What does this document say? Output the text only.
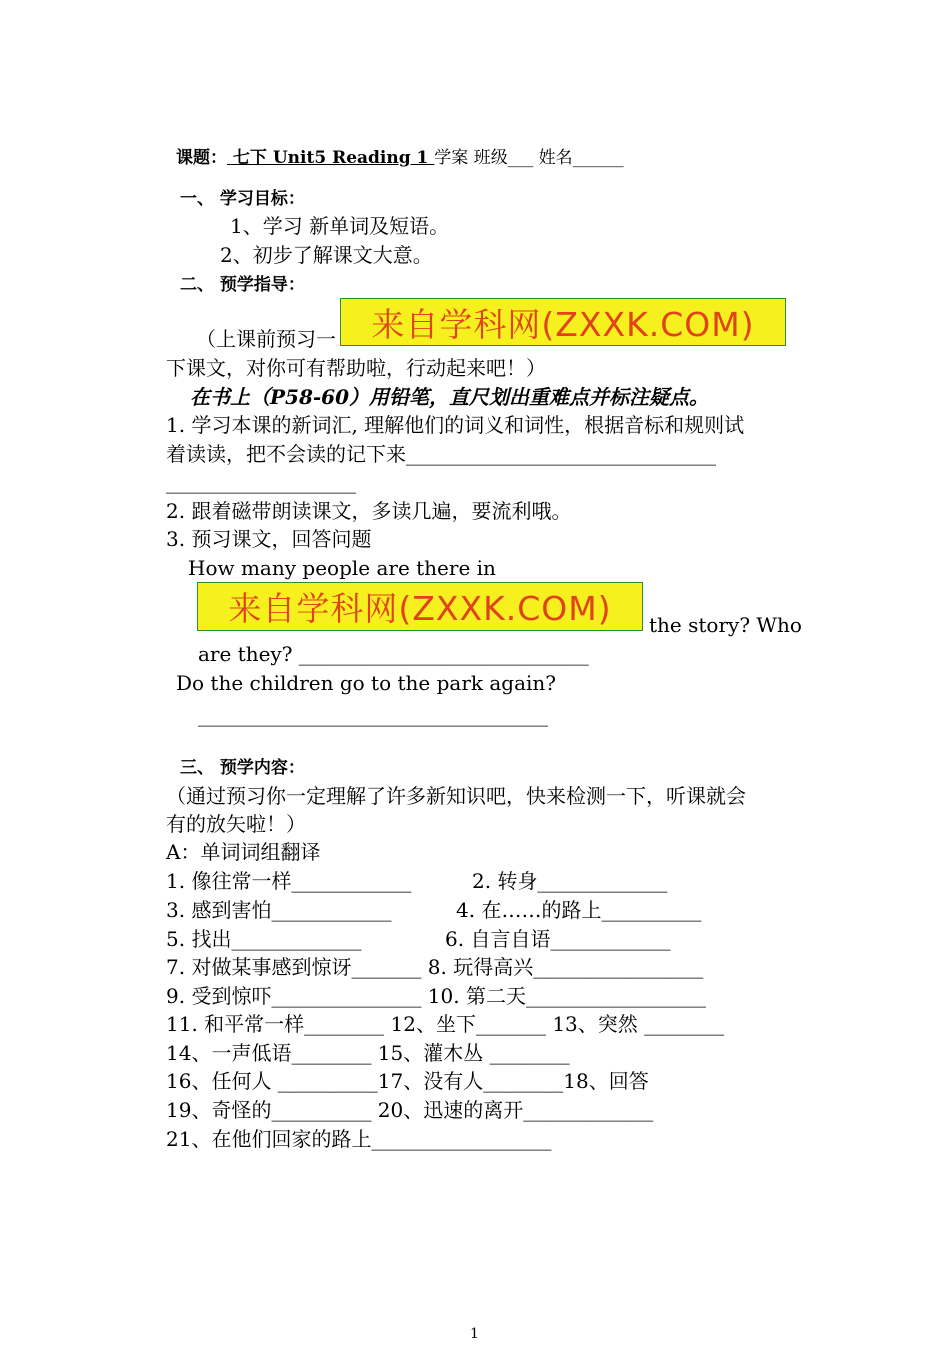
课题： 七下 Unit5 Reading 1 学案 班级___ 姓名______
一、 学习目标：
1、学习 新单词及短语。
2、初步了解课文大意。
二、 预学指导：
来自学科网(ZXXK.COM)
（上课前预习一
下课文，对你可有帮助啦，行动起来吧！）
在书上（P58-60）用铅笔，直尺划出重难点并标注疑点。
1. 学习本课的新词汇, 理解他们的词义和词性，根据音标和规则试
着读读，把不会读的记下来_______________________________
___________________
2. 跟着磁带朗读课文，多读几遍，要流利哦。
3. 预习课文，回答问题
How many people are there in
来自学科网(ZXXK.COM) the story? Who
are they? _____________________________
Do the children go to the park again?
___________________________________
三、 预学内容：
（通过预习你一定理解了许多新知识吧，快来检测一下，听课就会
有的放矢啦！）
A：单词词组翻译
1. 像往常一样____________	2. 转身_____________
3. 感到害怕____________	4. 在……的路上__________
5. 找出_____________	6. 自言自语____________
7. 对做某事感到惊讶_______ 8. 玩得高兴_________________
9. 受到惊吓_______________ 10. 第二天__________________
11. 和平常一样________ 12、坐下_______ 13、突然 ________
14、一声低语________ 15、灌木丛 ________
16、任何人 __________17、没有人________18、回答
19、奇怪的__________ 20、迅速的离开_____________
21、在他们回家的路上__________________
1
